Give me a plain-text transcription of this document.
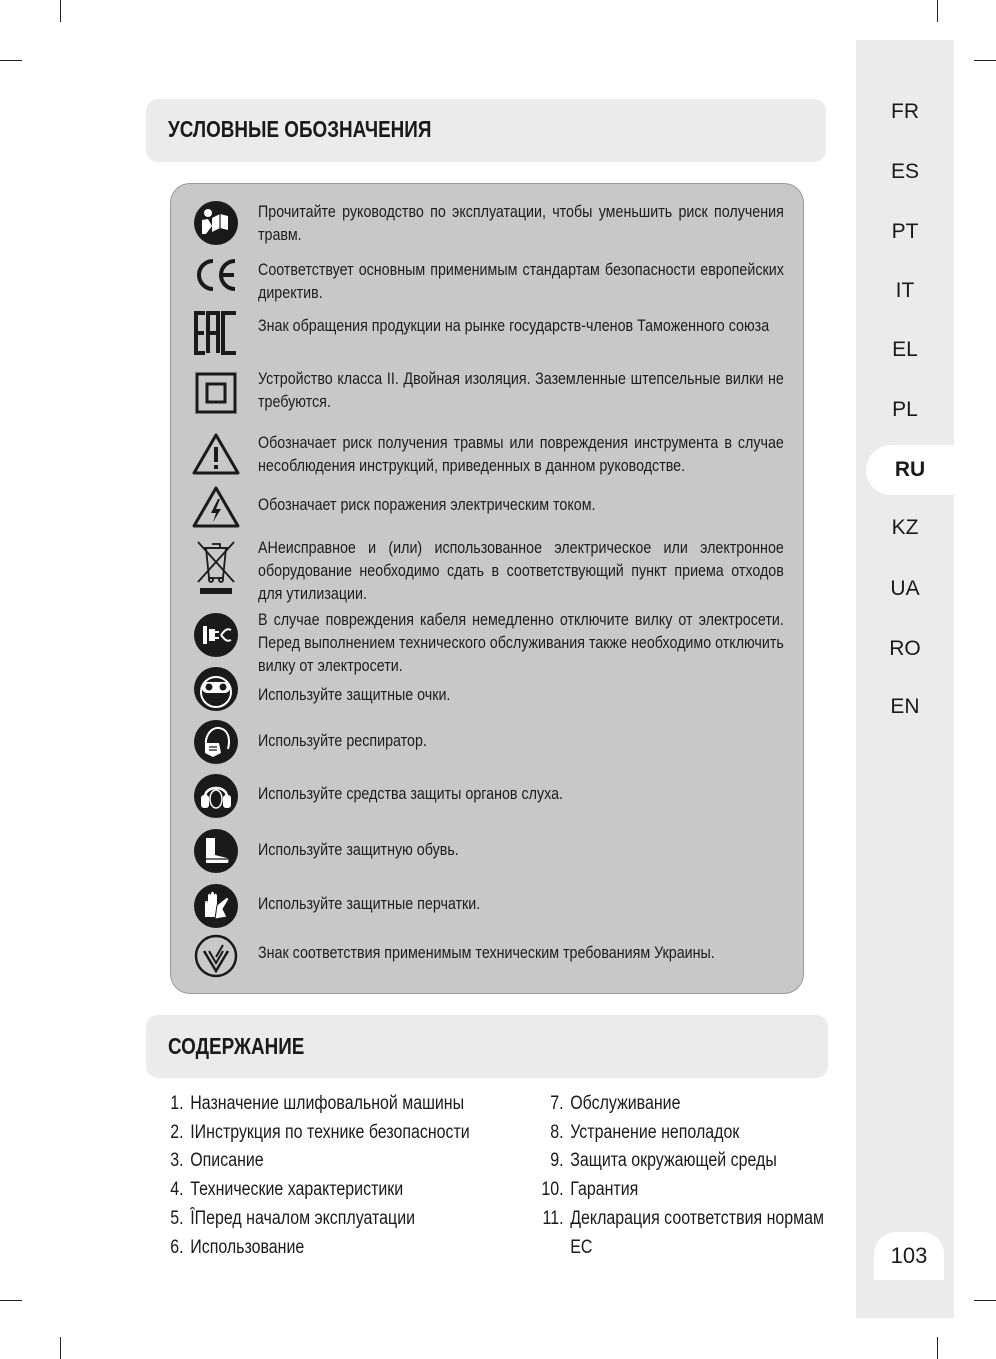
FR
ES
PT
IT
EL
PL
RU
KZ
UA
RO
EN
103
УСЛОВНЫЕ ОБОЗНАЧЕНИЯ
Прочитайте руководство по эксплуатации, чтобы уменьшить риск получения травм.
Соответствует основным применимым стандартам безопасности европейских директив.
Знак обращения продукции на рынке государств-членов Таможенного союза
Устройство класса II. Двойная изоляция. Заземленные штепсельные вилки не требуются.
Обозначает риск получения травмы или повреждения инструмента в случае несоблюдения инструкций, приведенных в данном руководстве.
Обозначает риск поражения электрическим током.
АНеисправное и (или) использованное электрическое или электронное оборудование необходимо сдать в соответствующий пункт приема отходов для утилизации.
В случае повреждения кабеля немедленно отключите вилку от электросети. Перед выполнением технического обслуживания также необходимо отключить вилку от электросети.
Используйте защитные очки.
Используйте респиратор.
Используйте средства защиты органов слуха.
Используйте защитную обувь.
Используйте защитные перчатки.
Знак соответствия применимым техническим требованиям Украины.
СОДЕРЖАНИЕ
1. Назначение шлифовальной машины
2. ІИнструкция по технике безопасности
3. Описание
4. Технические характеристики
5. ÎПеред началом эксплуатации
6. Использование
7. Обслуживание
8. Устранение неполадок
9. Защита окружающей среды
10. Гарантия
11. Декларация соответствия нормам
ЕС
